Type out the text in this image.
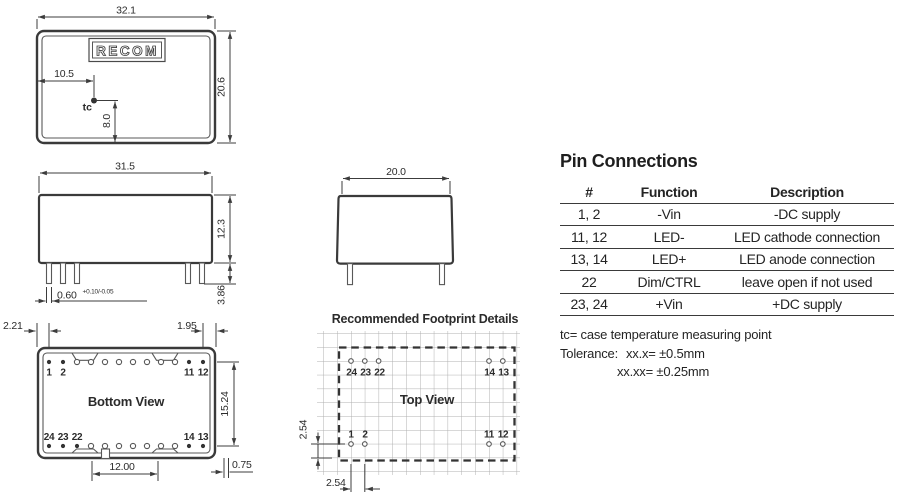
RECOM
32.1
20.6
10.5
tc
8.0
31.5
12.3
3.86
0.60 +0.10/-0.05
20.0
1 2	11 12
Bottom View
24 23 22	14 13
2.21	1.95
15.24
12.00	0.75
Recommended Footprint Details
Top View
24 23 22	14 13
1 2	11 12
2.54
2.54
Pin Connections
#	Function	Description
1, 2	-Vin	-DC supply
11, 12	LED-	LED cathode connection
13, 14	LED+	LED anode connection
22	Dim/CTRL	leave open if not used
23, 24	+Vin	+DC supply
tc= case temperature measuring point
Tolerance: xx.x= ±0.5mm
xx.xx= ±0.25mm
